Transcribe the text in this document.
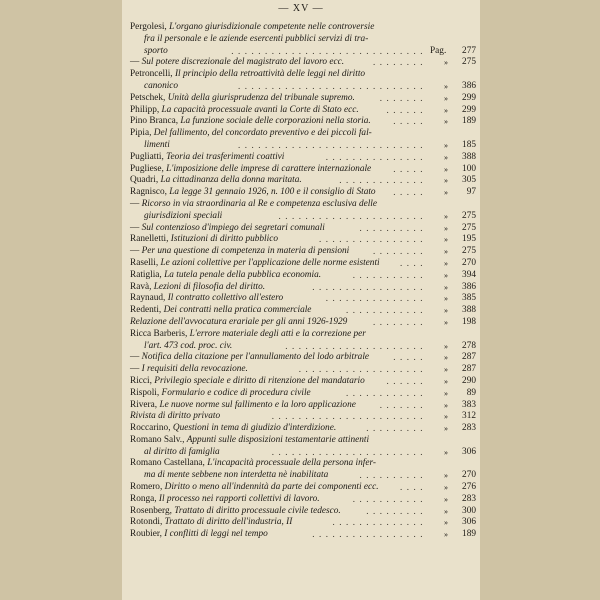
— XV —
Pergolesi, L'organo giurisdizionale competente nelle controversie
fra il personale e le aziende esercenti pubblici servizi di tra-
sporto	............................. Pag. 277
— Sul potere discrezionale del magistrato del lavoro ecc.	........ » 275
Petroncelli, Il principio della retroattività delle leggi nel diritto
canonico	............................ » 386
Petschek, Unità della giurisprudenza del tribunale supremo.	....... » 299
Philipp, La capacità processuale avanti la Corte di Stato ecc.	...... » 299
Pino Branca, La funzione sociale delle corporazioni nella storia.	..... » 189
Pipia, Del fallimento, del concordato preventivo e dei piccoli fal-
limenti	............................ » 185
Pugliatti, Teoria dei trasferimenti coattivi	............... » 388
Pugliese, L'imposizione delle imprese di carattere internazionale ..... » 100
Quadri, La cittadinanza della donna maritata.	............. » 305
Ragnisco, La legge 31 gennaio 1926, n. 100 e il consiglio di Stato ..... » 97
— Ricorso in via straordinaria al Re e competenza esclusiva delle
giurisdizioni speciali	...................... » 275
— Sul contenzioso d'impiego dei segretari comunali	.......... » 275
Ranelletti, Istituzioni di diritto pubblico	................ » 195
— Per una questione di competenza in materia di pensioni	........ » 275
Raselli, Le azioni collettive per l'applicazione delle norme esistenti .... » 270
Ratiglia, La tutela penale della pubblica economia.	........... » 394
Ravà, Lezioni di filosofia del diritto.	................. » 386
Raynaud, Il contratto collettivo all'estero	............... » 385
Redenti, Dei contratti nella pratica commerciale	............ » 388
Relazione dell'avvocatura erariale per gli anni 1926-1929	........ » 198
Ricca Barberis, L'errore materiale degli atti e la correzione per
l'art. 473 cod. proc. civ.	..................... » 278
— Notifica della citazione per l'annullamento del lodo arbitrale	..... » 287
— I requisiti della revocazione.	................... » 287
Ricci, Privilegio speciale e diritto di ritenzione del mandatario ...... » 290
Rispoli, Formulario e codice di procedura civile	............ » 89
Rivera, Le nuove norme sul fallimento e la loro applicazione	....... » 383
Rivista di diritto privato	....................... » 312
Roccarino, Questioni in tema di giudizio d'interdizione.	......... » 283
Romano Salv., Appunti sulle disposizioni testamentarie attinenti
al diritto di famiglia	....................... » 306
Romano Castellana, L'incapacità processuale della persona infer-
ma di mente sebbene non interdetta nè inabilitata	.......... » 270
Romero, Diritto o meno all'indennità da parte dei componenti ecc. .... » 276
Ronga, Il processo nei rapporti collettivi di lavoro.	........... » 283
Rosenberg, Trattato di diritto processuale civile tedesco.	......... » 300
Rotondi, Trattato di diritto dell'industria, II	.............. » 306
Roubier, I conflitti di leggi nel tempo	................. » 189
